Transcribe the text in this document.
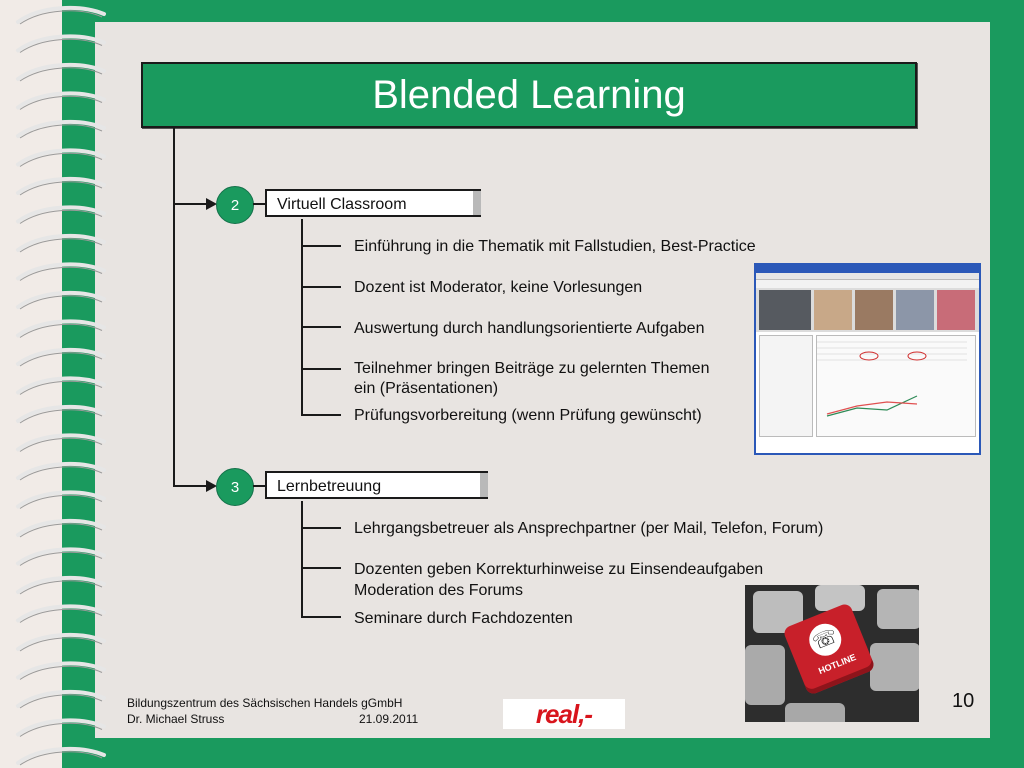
Blended Learning
2	Virtuell Classroom
Einführung in die Thematik mit Fallstudien, Best-Practice
Dozent ist Moderator, keine Vorlesungen
Auswertung durch handlungsorientierte Aufgaben
Teilnehmer bringen Beiträge zu gelernten Themen
ein (Präsentationen)
Prüfungsvorbereitung (wenn Prüfung gewünscht)
3	Lernbetreuung
Lehrgangsbetreuer als Ansprechpartner (per Mail, Telefon, Forum)
Dozenten geben Korrekturhinweise zu Einsendeaufgaben
Moderation des Forums
Seminare durch Fachdozenten
☏
HOTLINE
Bildungszentrum des Sächsischen Handels gGmbH
Dr. Michael Struss	21.09.2011	real,-	10
